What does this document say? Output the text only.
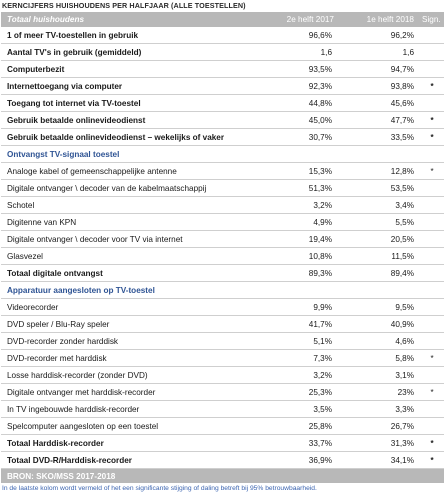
KERNCIJFERS HUISHOUDENS PER HALFJAAR (ALLE TOESTELLEN)
Totaal huishoudens	2e helft 2017	1e helft 2018	Sign.
1 of meer TV-toestellen in gebruik	96,6%	96,2%	
Aantal TV's in gebruik (gemiddeld)	1,6	1,6	
Computerbezit	93,5%	94,7%	
Internettoegang via computer	92,3%	93,8%	*
Toegang tot internet via TV-toestel	44,8%	45,6%	
Gebruik betaalde onlinevideodienst	45,0%	47,7%	*
Gebruik betaalde onlinevideodienst – wekelijks of vaker	30,7%	33,5%	*
Ontvangst TV-signaal toestel			
Analoge kabel of gemeenschappelijke antenne	15,3%	12,8%	*
Digitale ontvanger \ decoder van de kabelmaatschappij	51,3%	53,5%	
Schotel	3,2%	3,4%	
Digitenne van KPN	4,9%	5,5%	
Digitale ontvanger \ decoder voor TV via internet	19,4%	20,5%	
Glasvezel	10,8%	11,5%	
Totaal digitale ontvangst	89,3%	89,4%	
Apparatuur aangesloten op TV-toestel			
Videorecorder	9,9%	9,5%	
DVD speler / Blu-Ray speler	41,7%	40,9%	
DVD-recorder zonder harddisk	5,1%	4,6%	
DVD-recorder met harddisk	7,3%	5,8%	*
Losse harddisk-recorder (zonder DVD)	3,2%	3,1%	
Digitale ontvanger met harddisk-recorder	25,3%	23%	*
In TV ingebouwde harddisk-recorder	3,5%	3,3%	
Spelcomputer aangesloten op een toestel	25,8%	26,7%	
Totaal Harddisk-recorder	33,7%	31,3%	*
Totaal DVD-R/Harddisk-recorder	36,9%	34,1%	*
BRON: SKO/MSS 2017-2018			
In de laatste kolom wordt vermeld of het een significante stijging of daling betreft bij 95% betrouwbaarheid.
